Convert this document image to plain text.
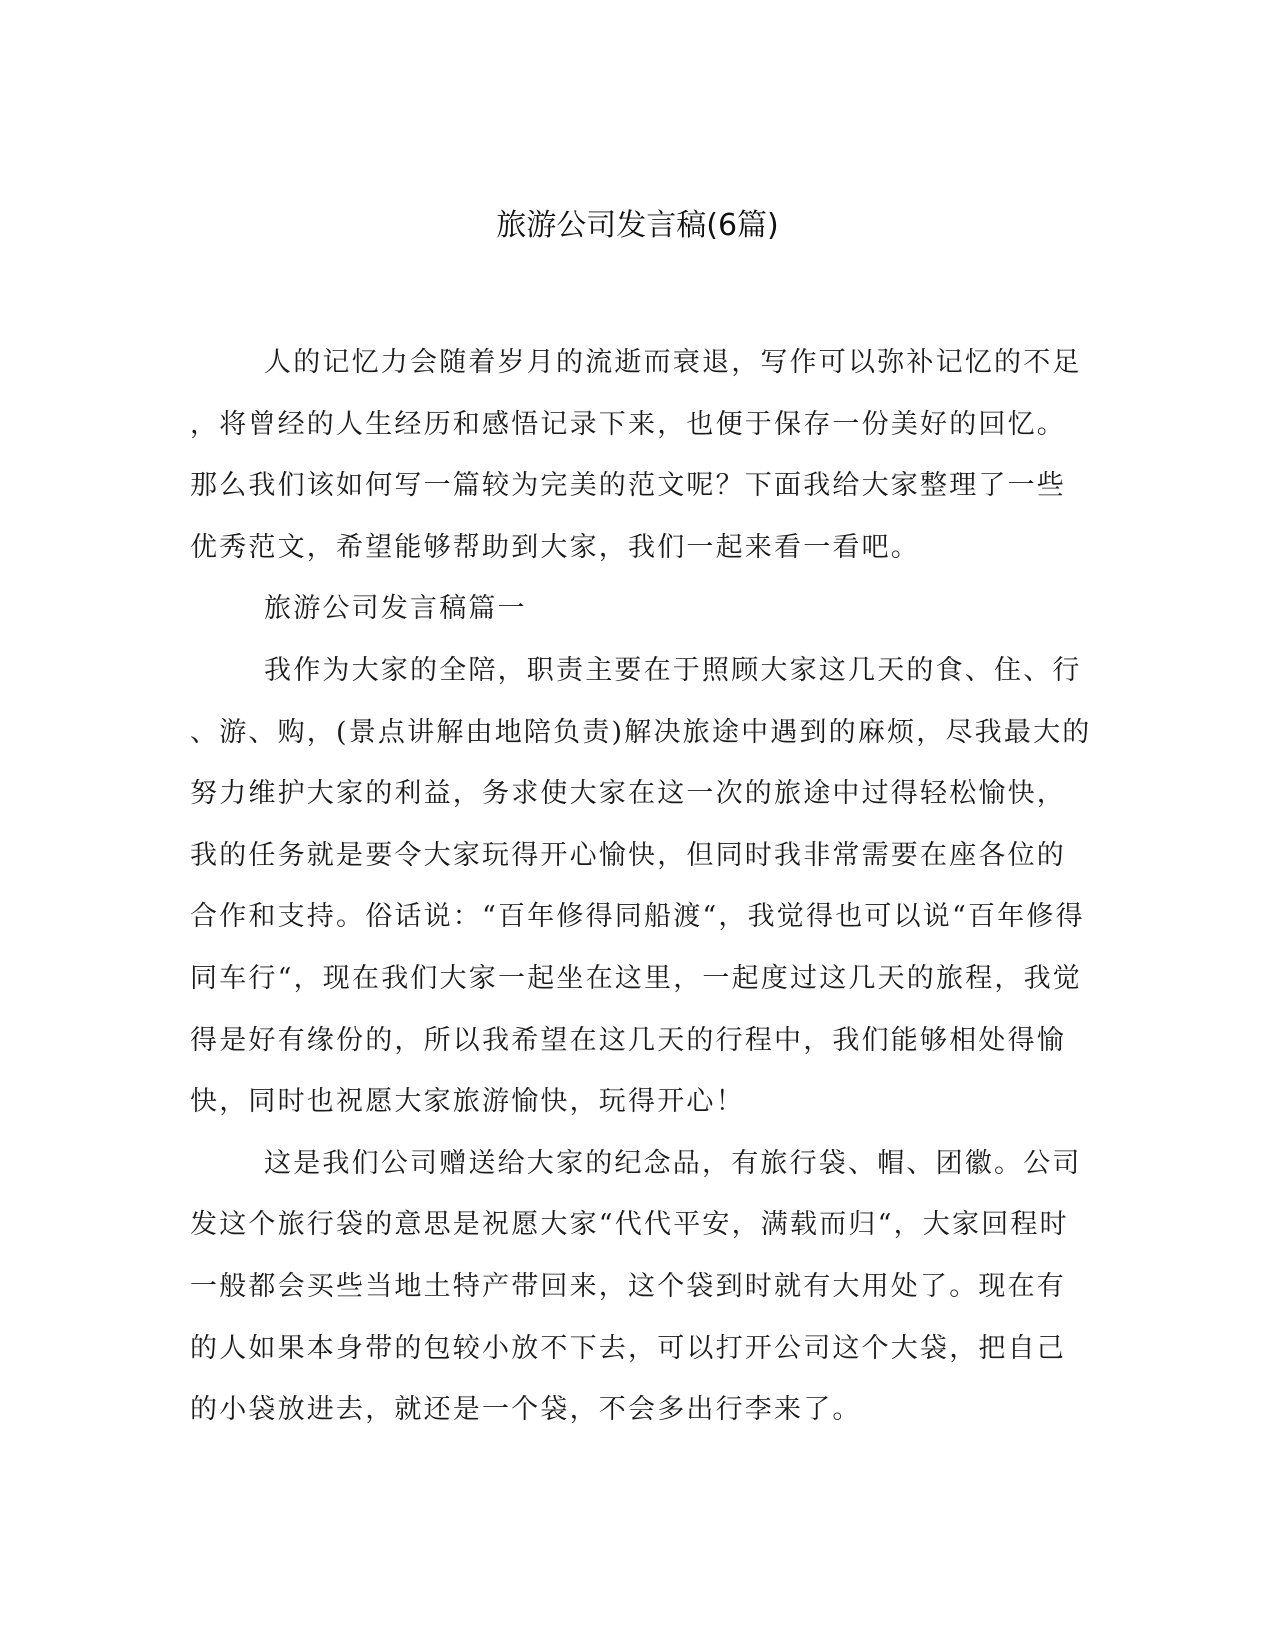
旅游公司发言稿(6篇)
人的记忆力会随着岁月的流逝而衰退，写作可以弥补记忆的不足
，将曾经的人生经历和感悟记录下来，也便于保存一份美好的回忆。
那么我们该如何写一篇较为完美的范文呢？下面我给大家整理了一些
优秀范文，希望能够帮助到大家，我们一起来看一看吧。
旅游公司发言稿篇一
我作为大家的全陪，职责主要在于照顾大家这几天的食、住、行
、游、购，(景点讲解由地陪负责)解决旅途中遇到的麻烦，尽我最大的
努力维护大家的利益，务求使大家在这一次的旅途中过得轻松愉快，
我的任务就是要令大家玩得开心愉快，但同时我非常需要在座各位的
合作和支持。俗话说：“百年修得同船渡“，我觉得也可以说“百年修得
同车行“，现在我们大家一起坐在这里，一起度过这几天的旅程，我觉
得是好有缘份的，所以我希望在这几天的行程中，我们能够相处得愉
快，同时也祝愿大家旅游愉快，玩得开心！
这是我们公司赠送给大家的纪念品，有旅行袋、帽、团徽。公司
发这个旅行袋的意思是祝愿大家“代代平安，满载而归“，大家回程时
一般都会买些当地土特产带回来，这个袋到时就有大用处了。现在有
的人如果本身带的包较小放不下去，可以打开公司这个大袋，把自己
的小袋放进去，就还是一个袋，不会多出行李来了。
